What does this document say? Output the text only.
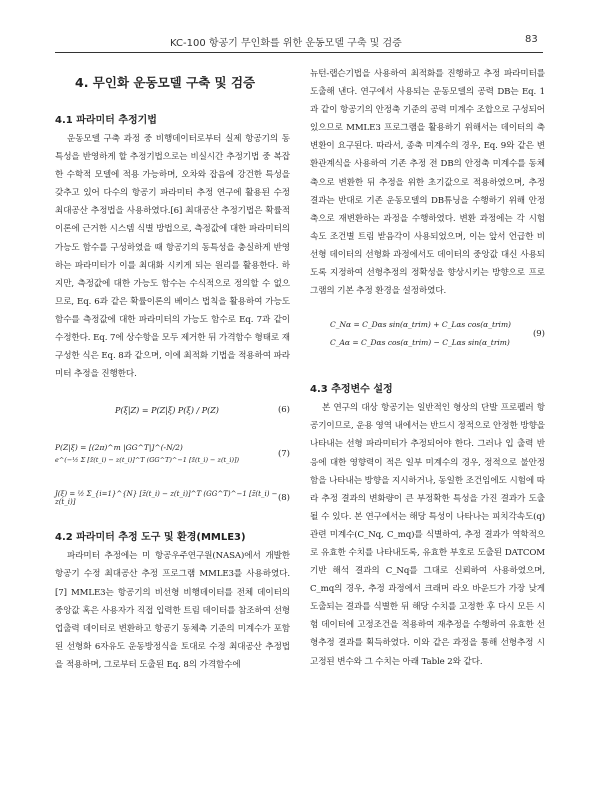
KC-100 항공기 무인화를 위한 운동모델 구축 및 검증	83
4. 무인화 운동모델 구축 및 검증
4.1 파라미터 추정기법

운동모델 구축 과정 중 비행데이터로부터 실제 항공기의 동 특성을 반영하게 할 추정기법으로는 비실시간 추정기법 중 복잡한 수학적 모델에 적용 가능하며, 오차와 잡음에 강건한 특성을 갖추고 있어 다수의 항공기 파라미터 추정 연구에 활용된 수정 최대공산 추정법을 사용하였다.[6] 최대공산 추정기법은 확률적 이론에 근거한 시스템 식별 방법으로, 측정값에 대한 파라미터의 가능도 함수를 구성하였을 때 항공기의 동특성을 충실하게 반영하는 파라미터가 이를 최대화 시키게 되는 원리를 활용한다. 하지만, 측정값에 대한 가능도 함수는 수식적으로 정의할 수 없으므로, Eq. 6과 같은 확률이론의 베이스 법칙을 활용하여 가능도 함수를 측정값에 대한 파라미터의 가능도 함수로 Eq. 7과 같이 수정한다. Eq. 7에 상수항을 모두 제거한 뒤 가격함수 형태로 재구성한 식은 Eq. 8과 같으며, 이에 최적화 기법을 적용하여 파라미터 추정을 진행한다.

P(ξ|Z) = P(Z|ξ) P(ξ) / P(Z)	(6)
P(Z|ξ) = [(2π)^m |GG^T|]^(-N/2)
e^(−½ Σ [z̃(t_i) − z(t_i)]^T (GG^T)^−1 [z̃(t_i) − z(t_i)])
(7)
J(ξ) = ½ Σ_{i=1}^{N} [z̃(t_i) − z(t_i)]^T (GG^T)^−1 [z̃(t_i) − z(t_i)]	(8)
4.2 파라미터 추정 도구 및 환경(MMLE3)

파라미터 추정에는 미 항공우주연구원(NASA)에서 개발한 항공기 수정 최대공산 추정 프로그램 MMLE3를 사용하였다.[7] MMLE3는 항공기의 비선형 비행데이터를 전체 데이터의 중앙값 혹은 사용자가 직접 입력한 트림 데이터를 참조하여 선형 업출력 데이터로 변환하고 항공기 동체축 기준의 미계수가 포함된 선형화 6자유도 운동방정식을 토대로 수정 최대공산 추정법을 적용하며, 그로부터 도출된 Eq. 8의 가격함수에

뉴턴-랩슨기법을 사용하여 최적화를 진행하고 추정 파라미터를 도출해 낸다. 연구에서 사용되는 운동모델의 공력 DB는 Eq. 1과 같이 항공기의 안정축 기준의 공력 미계수 조합으로 구성되어 있으므로 MMLE3 프로그램을 활용하기 위해서는 데이터의 축 변환이 요구된다. 따라서, 종축 미계수의 경우, Eq. 9와 같은 변환관계식을 사용하여 기존 추정 전 DB의 안정축 미계수를 동체축으로 변환한 뒤 추정을 위한 초기값으로 적용하였으며, 추정 결과는 반대로 기존 운동모델의 DB튜닝을 수행하기 위해 안정축으로 재변환하는 과정을 수행하였다. 변환 과정에는 각 시험 속도 조건별 트림 받음각이 사용되었으며, 이는 앞서 언급한 비선형 데이터의 선형화 과정에서도 데이터의 중앙값 대신 사용되도록 지정하여 선형추정의 정확성을 향상시키는 방향으로 프로그램의 기본 추정 환경을 설정하였다.

C_Nα = C_Dαs sin(α_trim) + C_Lαs cos(α_trim)
C_Aα = C_Dαs cos(α_trim) − C_Lαs sin(α_trim)
(9)
4.3 추정변수 설정

본 연구의 대상 항공기는 일반적인 형상의 단발 프로펠러 항공기이므로, 운용 영역 내에서는 반드시 정적으로 안정한 방향을 나타내는 선형 파라미터가 추정되어야 한다. 그러나 입 출력 반응에 대한 영향력이 적은 일부 미계수의 경우, 정적으로 불안정함을 나타내는 방향을 지시하거나, 동일한 조건임에도 시험에 따라 추정 결과의 변화량이 큰 부정확한 특성을 가진 결과가 도출될 수 있다. 본 연구에서는 해당 특성이 나타나는 피치각속도(q) 관련 미계수(C_Nq, C_mq)를 식별하여, 추정 결과가 역학적으로 유효한 수치를 나타내도록, 유효한 부호로 도출된 DATCOM기반 해석 결과의 C_Nq를 그대로 신뢰하여 사용하였으며, C_mq의 경우, 추정 과정에서 크래머 라오 바운드가 가장 낮게 도출되는 결과를 식별한 뒤 해당 수치를 고정한 후 다시 모든 시험 데이터에 고정조건을 적용하여 재추정을 수행하여 유효한 선형추정 결과를 획득하였다. 이와 같은 과정을 통해 선형추정 시 고정된 변수와 그 수치는 아래 Table 2와 같다.
